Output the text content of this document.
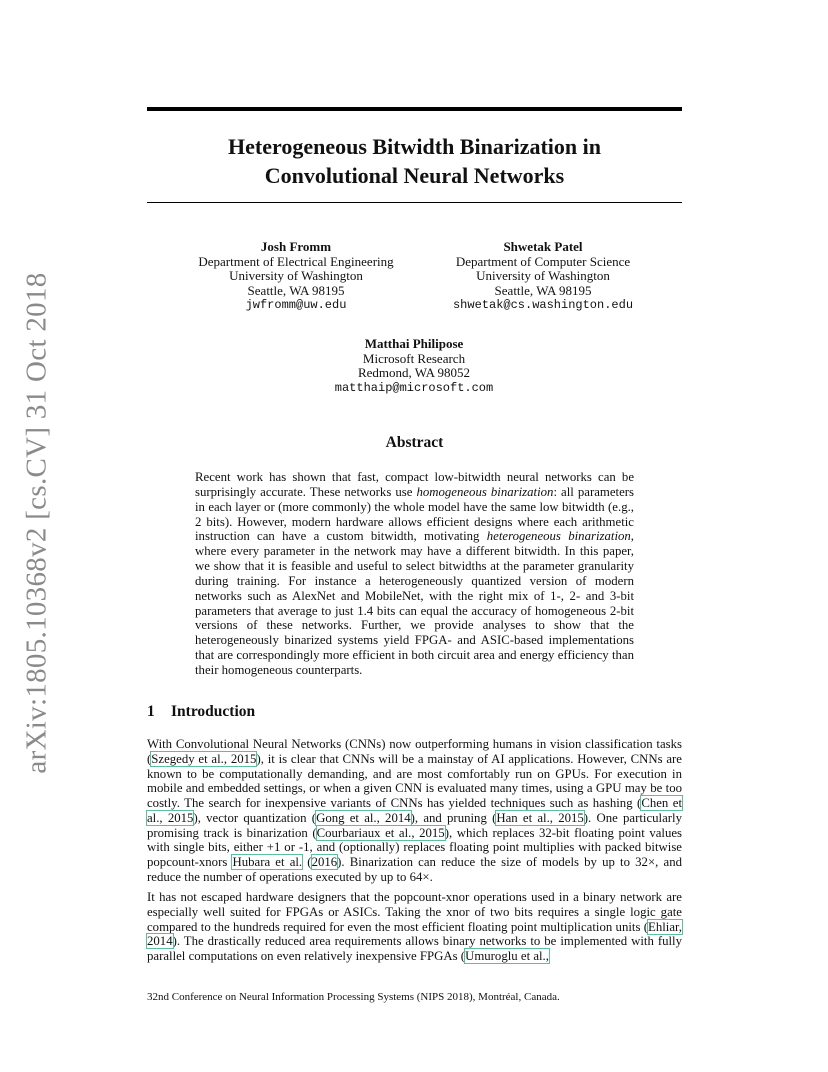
arXiv:1805.10368v2 [cs.CV] 31 Oct 2018
Heterogeneous Bitwidth Binarization in
Convolutional Neural Networks
Josh Fromm
Department of Electrical Engineering
University of Washington
Seattle, WA 98195
jwfromm@uw.edu
Shwetak Patel
Department of Computer Science
University of Washington
Seattle, WA 98195
shwetak@cs.washington.edu
Matthai Philipose
Microsoft Research
Redmond, WA 98052
matthaip@microsoft.com
Abstract
Recent work has shown that fast, compact low-bitwidth neural networks can be surprisingly accurate. These networks use homogeneous binarization: all parameters in each layer or (more commonly) the whole model have the same low bitwidth (e.g., 2 bits). However, modern hardware allows efficient designs where each arithmetic instruction can have a custom bitwidth, motivating heterogeneous binarization, where every parameter in the network may have a different bitwidth. In this paper, we show that it is feasible and useful to select bitwidths at the parameter granularity during training. For instance a heterogeneously quantized version of modern networks such as AlexNet and MobileNet, with the right mix of 1-, 2- and 3-bit parameters that average to just 1.4 bits can equal the accuracy of homogeneous 2-bit versions of these networks. Further, we provide analyses to show that the heterogeneously binarized systems yield FPGA- and ASIC-based implementations that are correspondingly more efficient in both circuit area and energy efficiency than their homogeneous counterparts.
1 Introduction
With Convolutional Neural Networks (CNNs) now outperforming humans in vision classification tasks (Szegedy et al., 2015), it is clear that CNNs will be a mainstay of AI applications. However, CNNs are known to be computationally demanding, and are most comfortably run on GPUs. For execution in mobile and embedded settings, or when a given CNN is evaluated many times, using a GPU may be too costly. The search for inexpensive variants of CNNs has yielded techniques such as hashing (Chen et al., 2015), vector quantization (Gong et al., 2014), and pruning (Han et al., 2015). One particularly promising track is binarization (Courbariaux et al., 2015), which replaces 32-bit floating point values with single bits, either +1 or -1, and (optionally) replaces floating point multiplies with packed bitwise popcount-xnors Hubara et al. (2016). Binarization can reduce the size of models by up to 32×, and reduce the number of operations executed by up to 64×.
It has not escaped hardware designers that the popcount-xnor operations used in a binary network are especially well suited for FPGAs or ASICs. Taking the xnor of two bits requires a single logic gate compared to the hundreds required for even the most efficient floating point multiplication units (Ehliar, 2014). The drastically reduced area requirements allows binary networks to be implemented with fully parallel computations on even relatively inexpensive FPGAs (Umuroglu et al.,
32nd Conference on Neural Information Processing Systems (NIPS 2018), Montréal, Canada.
